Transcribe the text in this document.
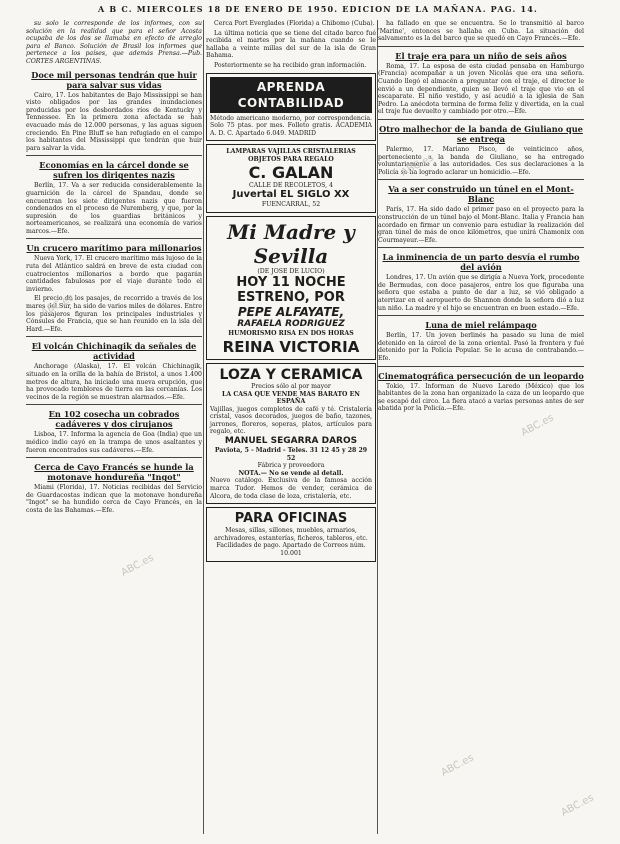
A B C. MIERCOLES 18 DE ENERO DE 1950. EDICION DE LA MAÑANA. PAG. 14.

su solo le corresponde de los informes, con su solución en la realidad que para el señor Acosta ocupaba de los dos se llamaba en efecto de arreglo para el Banco. Solución de Brasil los informes que pertenece a los países, que además Prensa.—Pub. CORTES ARGENTINAS.

Doce mil personas tendrán que huir para salvar sus vidas

Cairo, 17. Los habitantes de Bajo Mississippi se han visto obligados por las grandes inundaciones producidas por los desbordados ríos de Kentucky y Tennessee. En la primera zona afectada se han evacuado más de 12.000 personas, y las aguas siguen creciendo. En Pine Bluff se han refugiado en el campo los habitantes del Mississippi que tendrán que huir para salvar la vida.

Economías en la cárcel donde se sufren los dirigentes nazis

Berlín, 17. Va a ser reducida considerablemente la guarnición de la cárcel de Spandau, donde se encuentran los siete dirigentes nazis que fueron condenados en el proceso de Nuremberg, y que, por la supresión de los guardias británicos y norteamericanos, se realizará una economía de varios marcos.—Efe.

Un crucero marítimo para millonarios

Nueva York, 17. El crucero marítimo más lujoso de la ruta del Atlántico saldrá en breve de esta ciudad con cuatrocientos millonarios a bordo que pagarán cantidades fabulosas por el viaje durante todo el invierno.

El precio de los pasajes, de recorrido a través de los mares del Sur, ha sido de varios miles de dólares. Entre los pasajeros figuran los principales industriales y Cónsules de Francia, que se han reunido en la isla del Hard.—Efe.

El volcán Chichinagik da señales de actividad

Anchorage (Alaska), 17. El volcán Chichinagik, situado en la orilla de la bahía de Bristol, a unos 1.400 metros de altura, ha iniciado una nueva erupción, que ha provocado temblores de tierra en las cercanías. Los vecinos de la región se muestran alarmados.—Efe.

En 102 cosecha un cobrados cadáveres y dos cirujanos

Lisboa, 17. Informa la agencia de Goa (India) que un médico indio cayó en la trampa de unos asaltantes y fueron encontrados sus cadáveres.—Efe.

Cerca de Cayo Francés se hunde la motonave hondureña "Ingot"

Miami (Florida), 17. Noticias recibidas del Servicio de Guardacostas indican que la motonave hondureña "Ingot" se ha hundido cerca de Cayo Francés, en la costa de las Bahamas.—Efe.

Cerca Port Everglades (Florida) a Chibomo (Cuba).

La última noticia que se tiene del citado barco fué recibida el martes por la mañana cuando se le hallaba a veinte millas del sur de la isla de Gran Bahama.

Posteriormente se ha recibido gran información.

APRENDA CONTABILIDAD
Método americano moderno, por correspondencia. Solo 75 ptas. por mes. Folleto gratis. ACADEMIA A. D. C. Apartado 6.049. MADRID
LAMPARAS VAJILLAS CRISTALERIAS OBJETOS PARA REGALO
C. GALAN
CALLE DE RECOLETOS, 4
Juvertal EL SIGLO XX
FUENCARRAL, 52
Mi Madre y Sevilla
(DE JOSE DE LUCIO)
HOY 11 NOCHE
ESTRENO, POR
PEPE ALFAYATE,
RAFAELA RODRIGUEZ
HUMORISMO RISA EN DOS HORAS
REINA VICTORIA
LOZA Y CERAMICA
Precios sólo al por mayor
LA CASA QUE VENDE MAS BARATO EN ESPAÑA
Vajillas, juegos completos de café y té. Cristalería cristal, vasos decorados, juegos de baño, tazones, jarrones, floreros, soperas, platos, artículos para regalo, etc.
MANUEL SEGARRA DAROS
Paviota, 5 - Madrid - Teles. 31 12 45 y 28 29 52
Fábrica y proveedora
NOTA.— No se vende al detall.
Nuevo catálogo. Exclusiva de la famosa acción marca Tudor. Hemos de vender, cerámica de Alcora, de toda clase de loza, cristalería, etc.
PARA OFICINAS
Mesas, sillas, sillones, muebles, armarios, archivadores, estanterías, ficheros, tableros, etc. Facilidades de pago. Apartado de Correos núm. 10.001

ha fallado en que se encuentra. Se lo transmitió al barco 'Marine', entonces se hallaba en Cuba. La situación del salvamento es la del barco que se quedó en Cayo Francés.—Efe.

El traje era para un niño de seis años

Roma, 17. La esposa de esta ciudad pensaba en Hamburgo (Francia) acompañar a un joven Nicolás que era una señora. Cuando llegó el almacén a preguntar con el traje, el director le envió a un dependiente, quien se llevó el traje que vio en el escaparate. El niño vestido, y así acudió a la iglesia de San Pedro. La anécdota termina de forma feliz y divertida, en la cual el traje fue devuelto y cambiado por otro.—Efe.

Otro malhechor de la banda de Giuliano que se entrega

Palermo, 17. Mariano Pisco, de veinticinco años, perteneciente a la banda de Giuliano, se ha entregado voluntariamente a las autoridades. Ces sus declaraciones a la Policía se ha logrado aclarar un homicidio.—Efe.

Va a ser construido un túnel en el Mont-Blanc

París, 17. Ha sido dado el primer paso en el proyecto para la construcción de un túnel bajo el Mont-Blanc. Italia y Francia han acordado en firmar un convenio para estudiar la realización del gran túnel de más de once kilómetros, que unirá Chamonix con Courmayeur.—Efe.

La inminencia de un parto desvía el rumbo del avión

Londres, 17. Un avión que se dirigía a Nueva York, procedente de Bermudas, con doce pasajeros, entre los que figuraba una señora que estaba a punto de dar a luz, se vió obligado a aterrizar en el aeropuerto de Shannon donde la señora dió a luz un niño. La madre y el hijo se encuentran en buen estado.—Efe.

Luna de miel relámpago

Berlín, 17. Un joven berlinés ha pasado su luna de miel detenido en la cárcel de la zona oriental. Pasó la frontera y fué detenido por la Policía Popular. Se le acusa de contrabando.—Efe.

Cinematográfica persecución de un leopardo

Tokio, 17. Informan de Nuevo Laredo (México) que los habitantes de la zona han organizado la caza de un leopardo que se escapó del circo. La fiera atacó a varias personas antes de ser abatida por la Policía.—Efe.

ABC.es
ABC.es
ABC.es
ABC.es
ABC.es
ABC.es
